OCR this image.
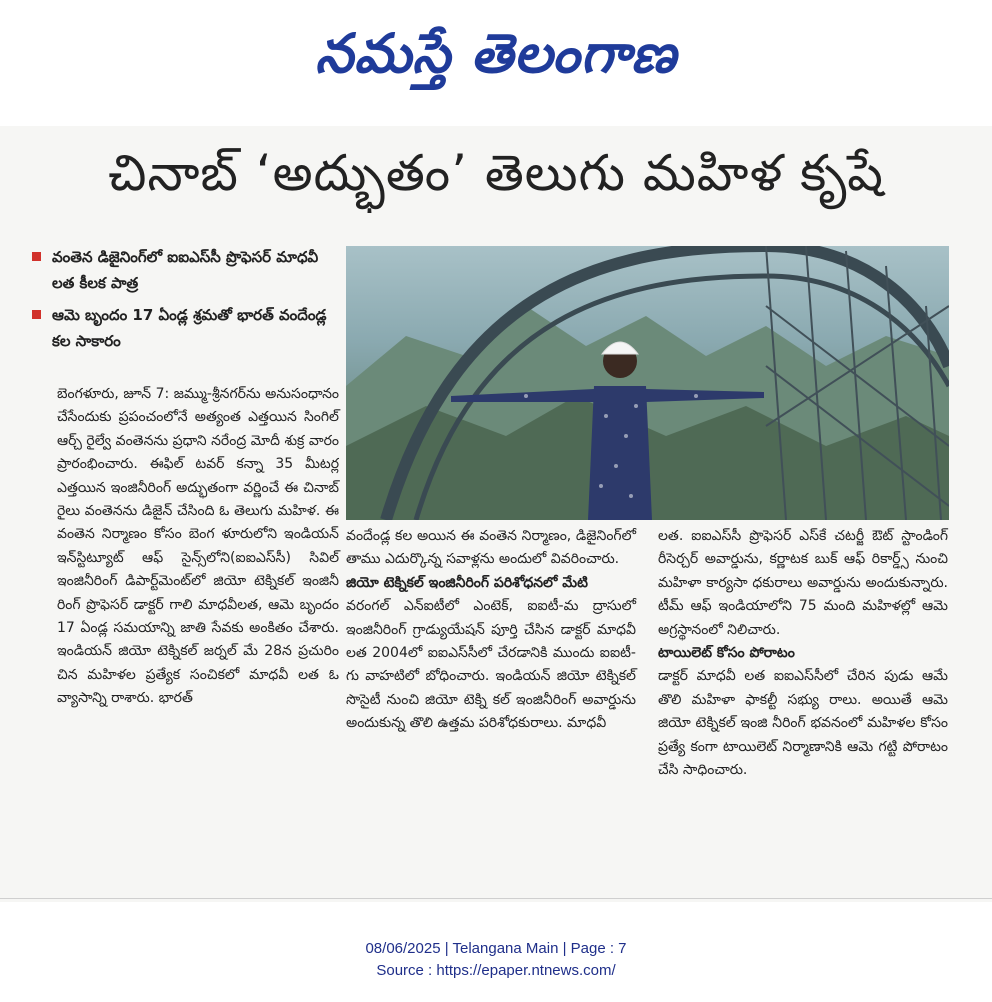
నమస్తే తెలంగాణ
చినాబ్ ‘అద్భుతం’ తెలుగు మహిళ కృషే
వంతెన డిజైనింగ్‌లో ఐఐఎస్‌సీ ప్రొఫెసర్ మాధవీ లత కీలక పాత్ర
ఆమె బృందం 17 ఏండ్ల శ్రమతో భారత్ వందేండ్ల కల సాకారం
బెంగళూరు, జూన్ 7: జమ్ము-శ్రీనగర్‌ను అనుసంధానం చేసేందుకు ప్రపంచంలోనే అత్యంత ఎత్తయిన సింగిల్ ఆర్చ్ రైల్వే వంతెనను ప్రధాని నరేంద్ర మోదీ శుక్ర వారం ప్రారంభించారు. ఈఫిల్ టవర్ కన్నా 35 మీటర్ల ఎత్తయిన ఇంజినీరింగ్ అద్భుతంగా వర్ణించే ఈ చినాబ్ రైలు వంతెనను డిజైన్ చేసింది ఓ తెలుగు మహిళ. ఈ వంతెన నిర్మాణం కోసం బెంగ ళూరులోని ఇండియన్ ఇన్‌స్టిట్యూట్ ఆఫ్ సైన్స్‌లోని(ఐఐఎస్‌సీ) సివిల్ ఇంజినీరింగ్ డిపార్ట్‌మెంట్‌లో జియో టెక్నికల్ ఇంజినీ రింగ్ ప్రొఫెసర్ డాక్టర్ గాలి మాధవీలత, ఆమె బృందం 17 ఏండ్ల సమయాన్ని జాతి సేవకు అంకితం చేశారు. ఇండియన్ జియో టెక్నికల్ జర్నల్ మే 28న ప్రచురిం చిన మహిళల ప్రత్యేక సంచికలో మాధవీ లత ఓ వ్యాసాన్ని రాశారు. భారత్
వందేండ్ల కల అయిన ఈ వంతెన నిర్మాణం, డిజైనింగ్‌లో తాము ఎదుర్కొన్న సవాళ్లను అందులో వివరించారు.
జియో టెక్నికల్ ఇంజినీరింగ్ పరిశోధనలో మేటి
వరంగల్ ఎన్‌ఐటీలో ఎంటెక్, ఐఐటీ-మ ద్రాసులో ఇంజినీరింగ్ గ్రాడ్యుయేషన్ పూర్తి చేసిన డాక్టర్ మాధవీ లత 2004లో ఐఐఎస్‌సీలో చేరడానికి ముందు ఐఐటీ-గు వాహటిలో బోధించారు. ఇండియన్ జియో టెక్నికల్ సొసైటీ నుంచి జియో టెక్ని కల్ ఇంజినీరింగ్ అవార్డును అందుకున్న తొలి ఉత్తమ పరిశోధకురాలు. మాధవీ
లత. ఐఐఎస్‌సీ ప్రొఫెసర్ ఎస్‌కే చటర్జీ ఔట్ స్టాండింగ్ రీసెర్చర్ అవార్డును, కర్ణాటక బుక్ ఆఫ్ రికార్డ్స్ నుంచి మహిళా కార్యసా ధకురాలు అవార్డును అందుకున్నారు. టీమ్ ఆఫ్ ఇండియాలోని 75 మంది మహిళల్లో ఆమె అగ్రస్థానంలో నిలిచారు.
టాయిలెట్ కోసం పోరాటం
డాక్టర్ మాధవీ లత ఐఐఎస్‌సీలో చేరిన పుడు ఆమే తొలి మహిళా ఫాకల్టీ సభ్యు రాలు. అయితే ఆమె జియో టెక్నికల్ ఇంజి నీరింగ్ భవనంలో మహిళల కోసం ప్రత్యే కంగా టాయిలెట్ నిర్మాణానికి ఆమె గట్టి పోరాటం చేసి సాధించారు.
08/06/2025 | Telangana Main | Page : 7
Source : https://epaper.ntnews.com/
